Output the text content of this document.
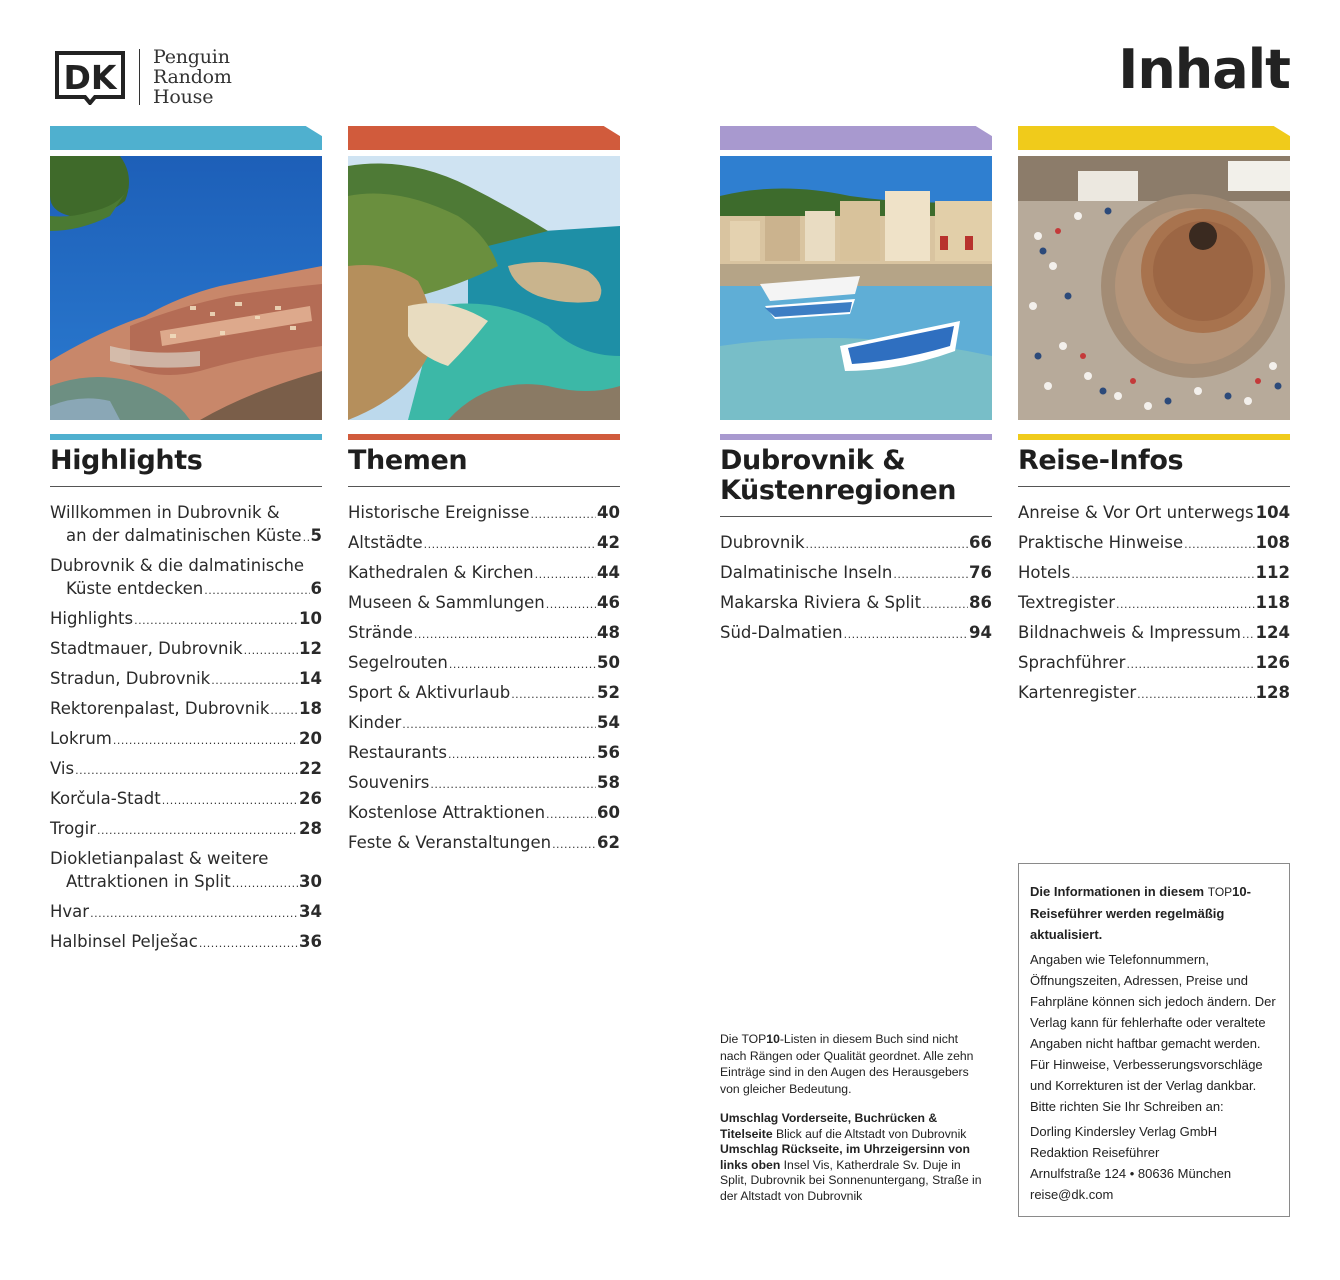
DK
Penguin
Random
House	Inhalt
Highlights
Willkommen in Dubrovnik &
an der dalmatinischen Küste ..... 5
Dubrovnik & die dalmatinische
Küste entdecken .....	6
Highlights .....	10
Stadtmauer, Dubrovnik .....	12
Stradun, Dubrovnik .....	14
Rektorenpalast, Dubrovnik ..... 18
Lokrum .....	20
Vis .....	22
Korčula-Stadt .....	26
Trogir .....	28
Diokletianpalast & weitere
Attraktionen in Split .....	30
Hvar .....	34
Halbinsel Pelješac .....	36
Themen
Historische Ereignisse .....	40
Altstädte .....	42
Kathedralen & Kirchen .....	44
Museen & Sammlungen .....	46
Strände .....	48
Segelrouten .....	50
Sport & Aktivurlaub .....	52
Kinder .....	54
Restaurants .....	56
Souvenirs .....	58
Kostenlose Attraktionen .....	60
Feste & Veranstaltungen .....	62
Dubrovnik &
Küstenregionen
Dubrovnik .....	66
Dalmatinische Inseln .....	76
Makarska Riviera & Split .....	86
Süd-Dalmatien .....	94
Reise-Infos
Anreise & Vor Ort unterwegs 104
Praktische Hinweise .....	108
Hotels .....	112
Textregister .....	118
Bildnachweis & Impressum ..... 124
Sprachführer .....	126
Kartenregister .....	128

Die TOP10-Listen in diesem Buch sind nicht nach Rängen oder Qualität geordnet. Alle zehn Einträge sind in den Augen des Herausgebers von gleicher Bedeutung.

Umschlag Vorderseite, Buchrücken & Titelseite Blick auf die Altstadt von Dubrovnik
Umschlag Rückseite, im Uhrzeigersinn von links oben Insel Vis, Katherdrale Sv. Duje in Split, Dubrovnik bei Sonnenuntergang, Straße in der Altstadt von Dubrovnik

Die Informationen in diesem TOP10-Reiseführer werden regelmäßig aktualisiert.

Angaben wie Telefonnummern, Öffnungszeiten, Adressen, Preise und Fahrpläne können sich jedoch ändern. Der Verlag kann für fehlerhafte oder veraltete Angaben nicht haftbar gemacht werden. Für Hinweise, Verbesserungsvorschläge und Korrekturen ist der Verlag dankbar. Bitte richten Sie Ihr Schreiben an:

Dorling Kindersley Verlag GmbH
Redaktion Reiseführer
Arnulfstraße 124 • 80636 München
reise@dk.com
